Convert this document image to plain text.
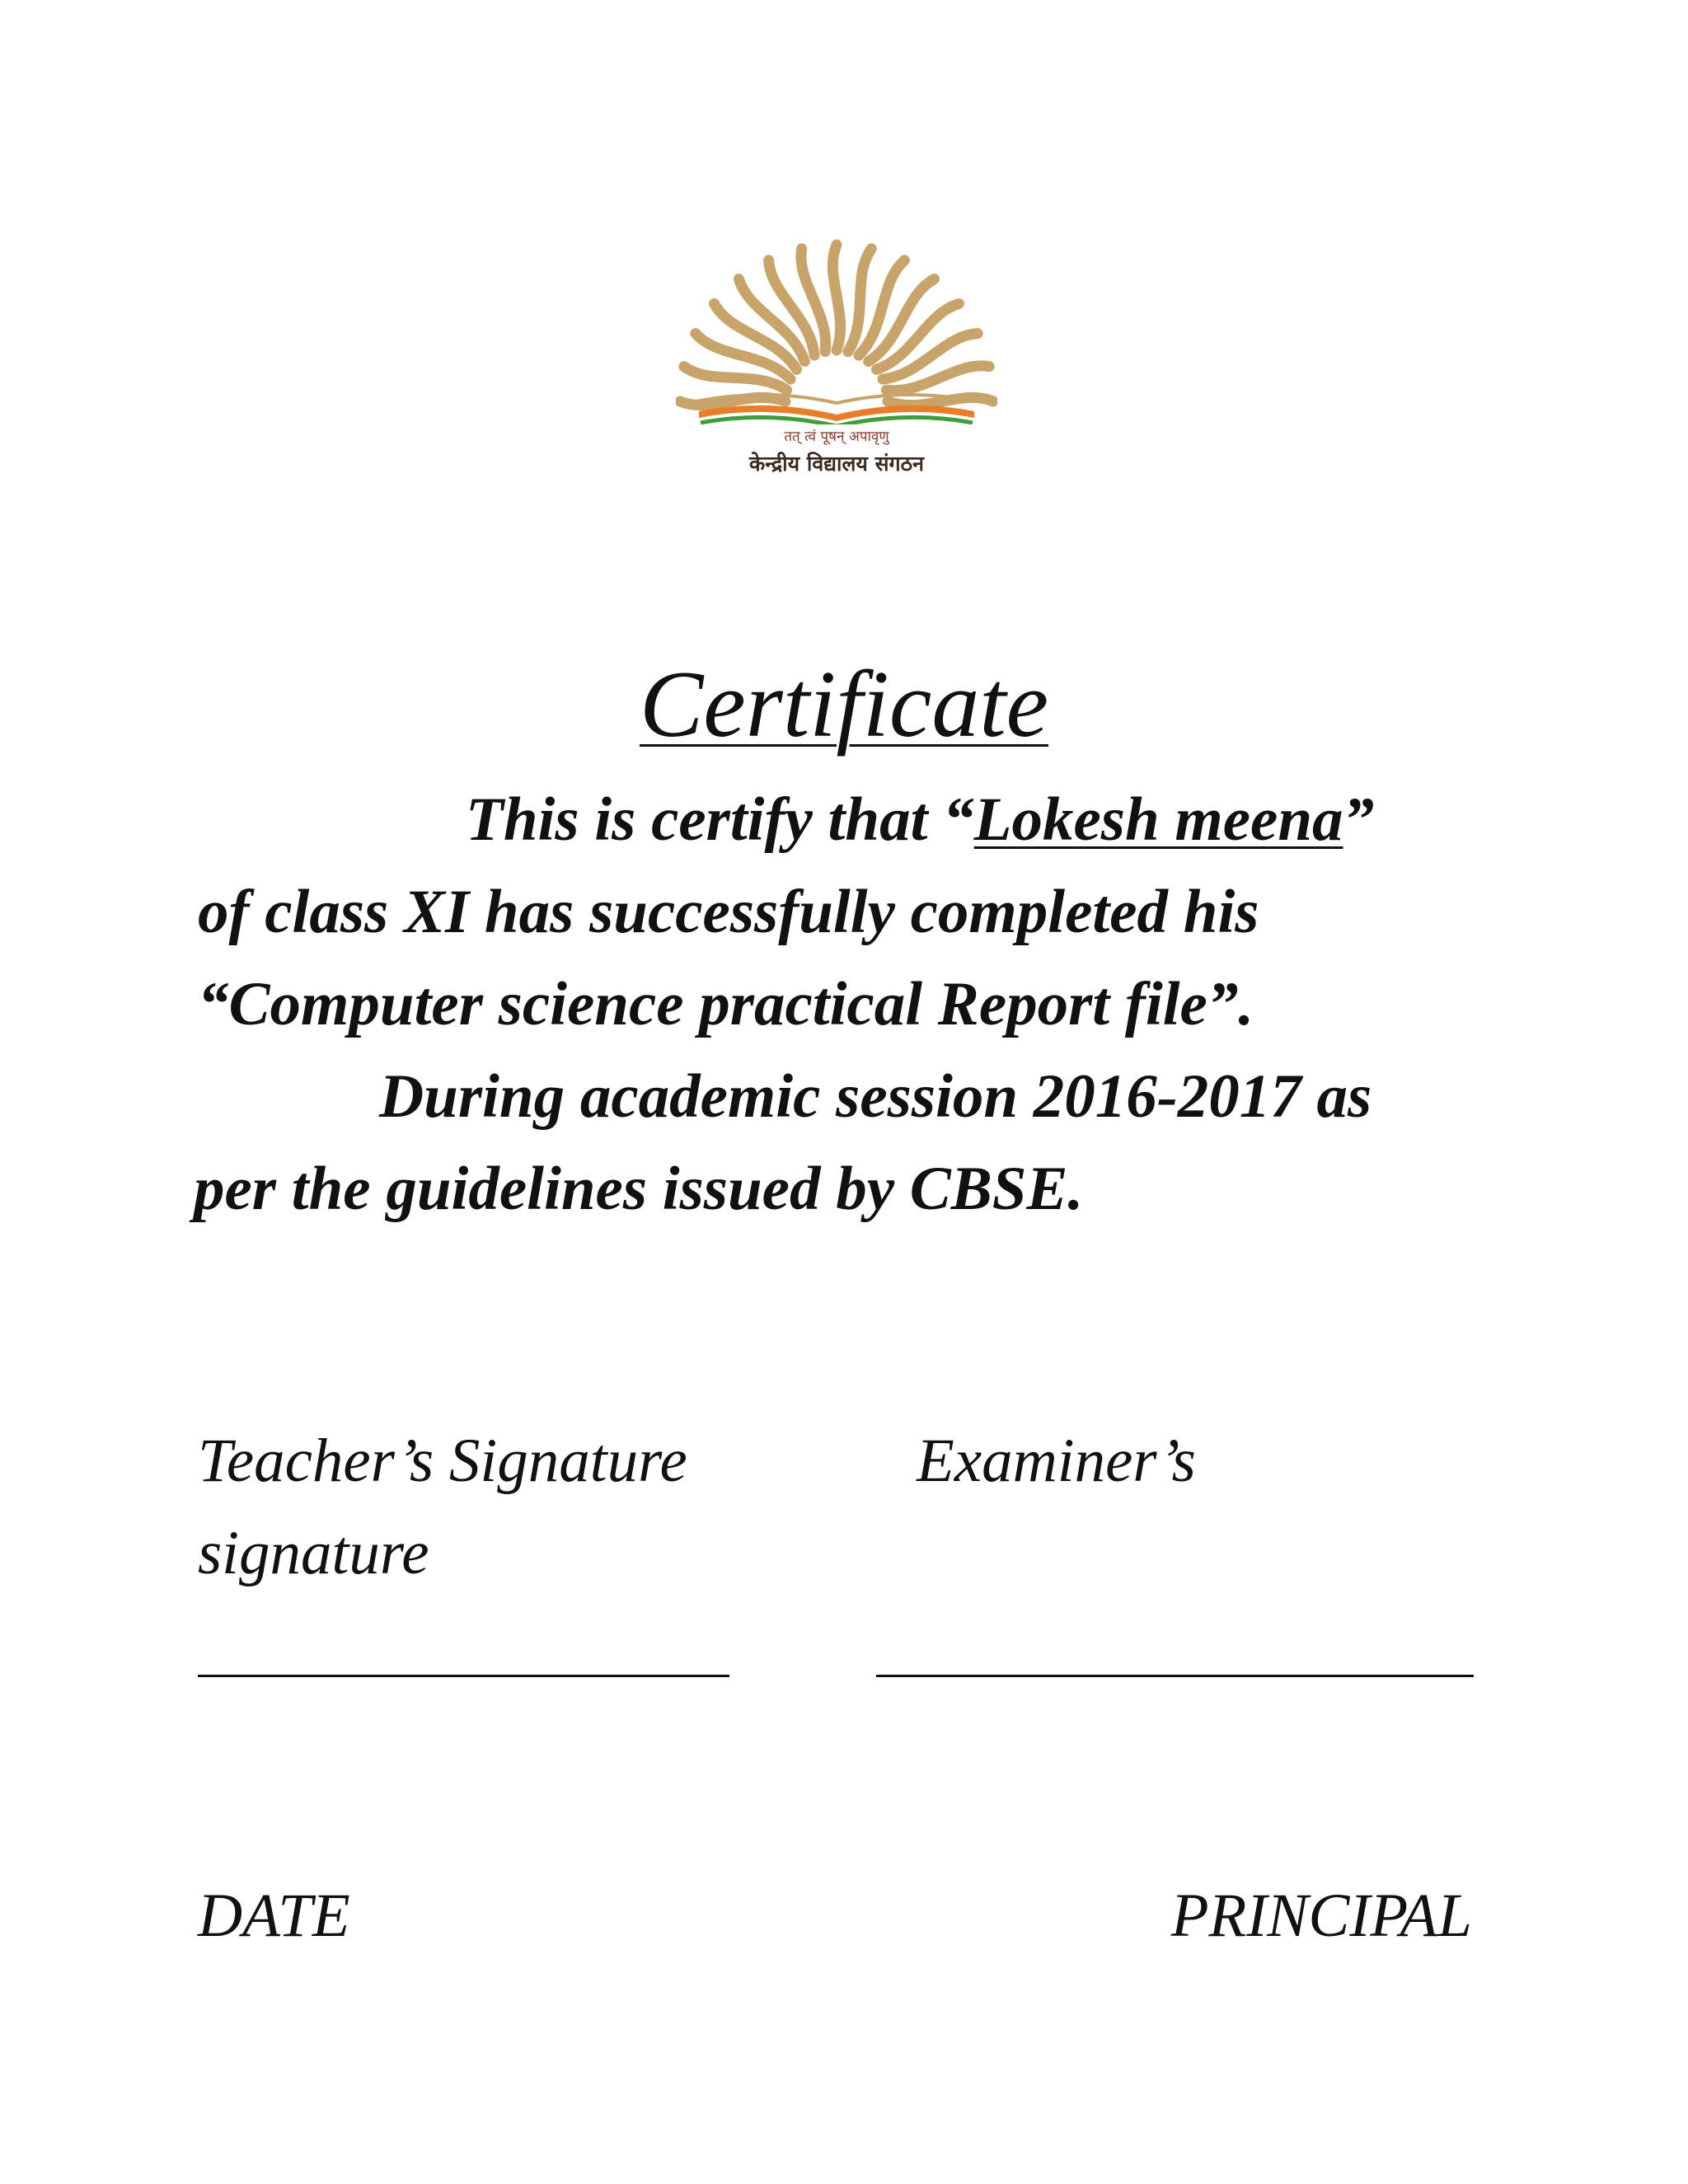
तत् त्वं पूषन् अपावृणु
केन्द्रीय विद्यालय संगठन
Certificate
This is certify that “Lokesh meena”
of class XI has successfully completed his
“Computer science practical Report file”.
During academic session 2016-2017 as
per the guidelines issued by CBSE.
Teacher’s Signature	Examiner’s
signature
DATE	PRINCIPAL
